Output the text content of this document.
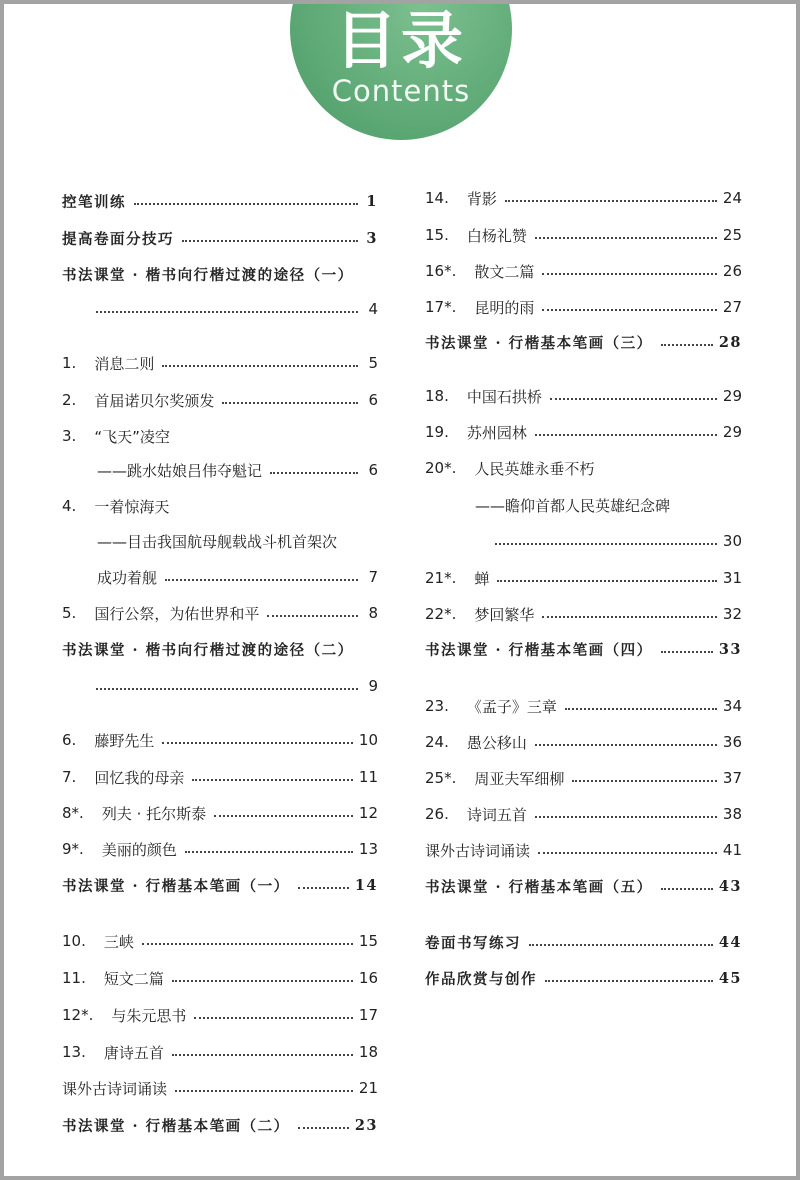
目录
Contents
控笔训练	1
提高卷面分技巧	3
书法课堂 · 楷书向行楷过渡的途径（一）
4
1. 消息二则	5
2. 首届诺贝尔奖颁发	6
3. “飞天”凌空
——跳水姑娘吕伟夺魁记	6
4. 一着惊海天
——目击我国航母舰载战斗机首架次
成功着舰	7
5. 国行公祭，为佑世界和平	8
书法课堂 · 楷书向行楷过渡的途径（二）
9
6. 藤野先生	10
7. 回忆我的母亲	11
8*. 列夫 · 托尔斯泰	12
9*. 美丽的颜色	13
书法课堂 · 行楷基本笔画（一）	14
10. 三峡	15
11. 短文二篇	16
12*. 与朱元思书	17
13. 唐诗五首	18
课外古诗词诵读	21
书法课堂 · 行楷基本笔画（二）	23
14. 背影	24
15. 白杨礼赞	25
16*. 散文二篇	26
17*. 昆明的雨	27
书法课堂 · 行楷基本笔画（三）	28
18. 中国石拱桥	29
19. 苏州园林	29
20*. 人民英雄永垂不朽
——瞻仰首都人民英雄纪念碑
30
21*. 蝉	31
22*. 梦回繁华	32
书法课堂 · 行楷基本笔画（四）	33
23. 《孟子》三章	34
24. 愚公移山	36
25*. 周亚夫军细柳	37
26. 诗词五首	38
课外古诗词诵读	41
书法课堂 · 行楷基本笔画（五）	43
卷面书写练习	44
作品欣赏与创作	45
